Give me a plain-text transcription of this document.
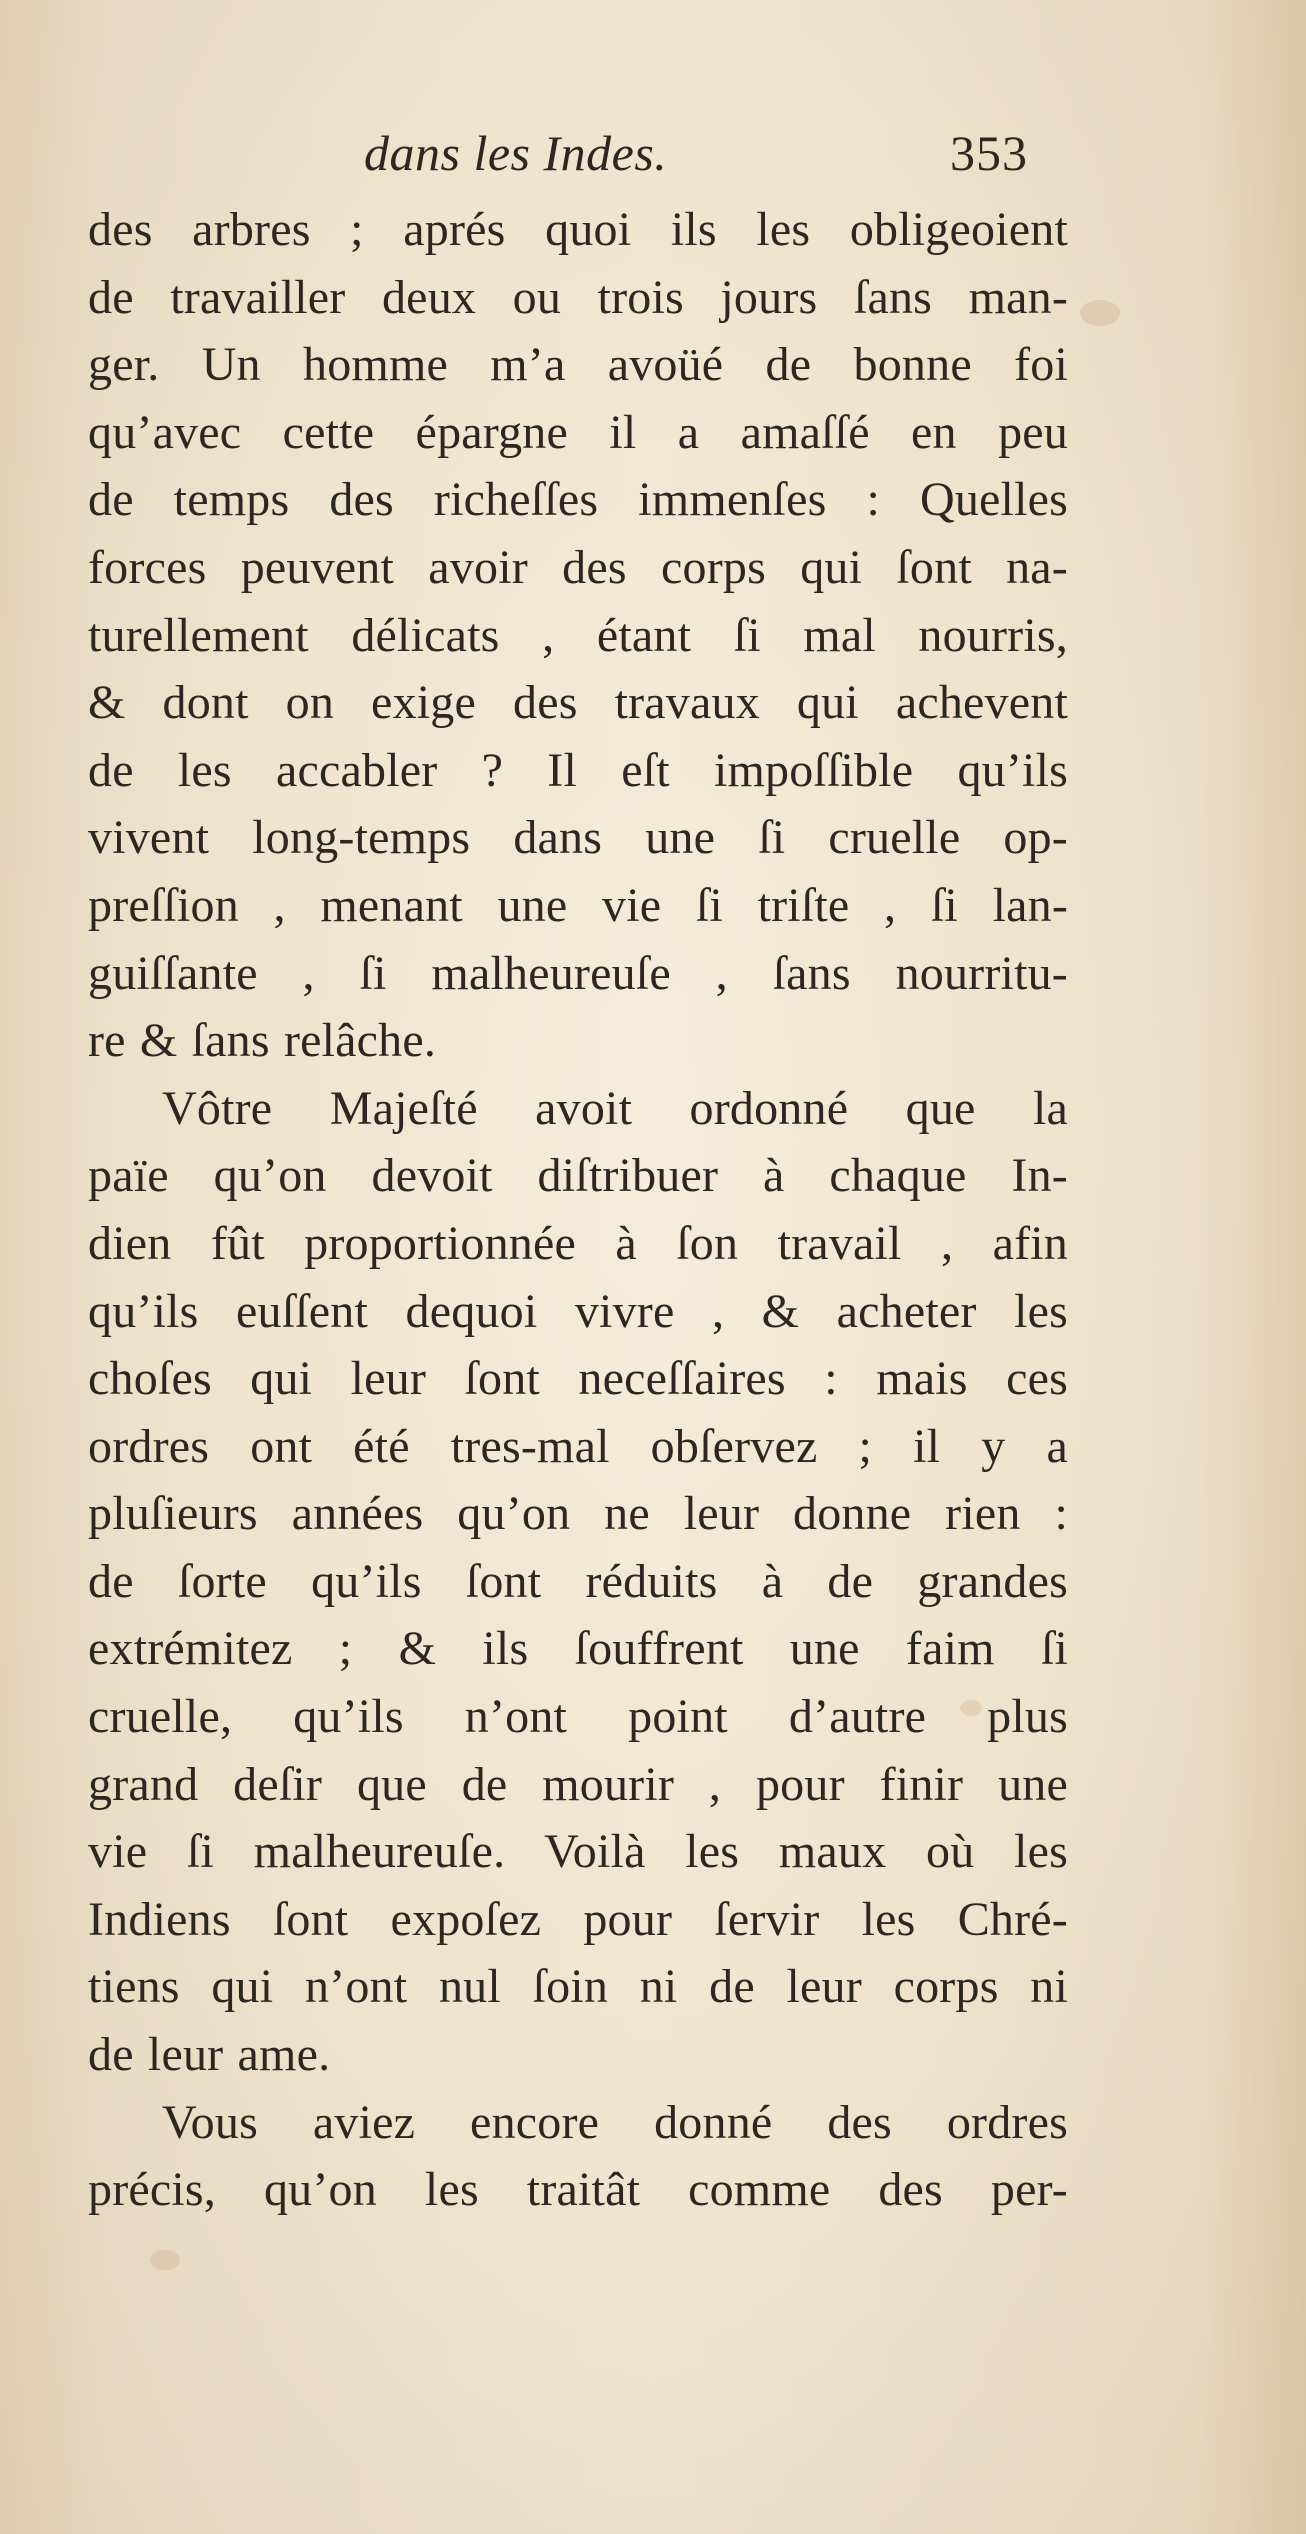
dans les Indes.	353
des arbres ; aprés quoi ils les obligeoient
de travailler deux ou trois jours ſans man-
ger. Un homme m’a avoüé de bonne foi
qu’avec cette épargne il a amaſſé en peu
de temps des richeſſes immenſes : Quelles
forces peuvent avoir des corps qui ſont na-
turellement délicats , étant ſi mal nourris,
& dont on exige des travaux qui achevent
de les accabler ? Il eſt impoſſible qu’ils
vivent long-temps dans une ſi cruelle op-
preſſion , menant une vie ſi triſte , ſi lan-
guiſſante , ſi malheureuſe , ſans nourritu-
re & ſans relâche.
Vôtre Majeſté avoit ordonné que la
païe qu’on devoit diſtribuer à chaque In-
dien fût proportionnée à ſon travail , afin
qu’ils euſſent dequoi vivre , & acheter les
choſes qui leur ſont neceſſaires : mais ces
ordres ont été tres-mal obſervez ; il y a
pluſieurs années qu’on ne leur donne rien :
de ſorte qu’ils ſont réduits à de grandes
extrémitez ; & ils ſouffrent une faim ſi
cruelle, qu’ils n’ont point d’autre plus
grand deſir que de mourir , pour finir une
vie ſi malheureuſe. Voilà les maux où les
Indiens ſont expoſez pour ſervir les Chré-
tiens qui n’ont nul ſoin ni de leur corps ni
de leur ame.
Vous aviez encore donné des ordres
précis, qu’on les traitât comme des per-
